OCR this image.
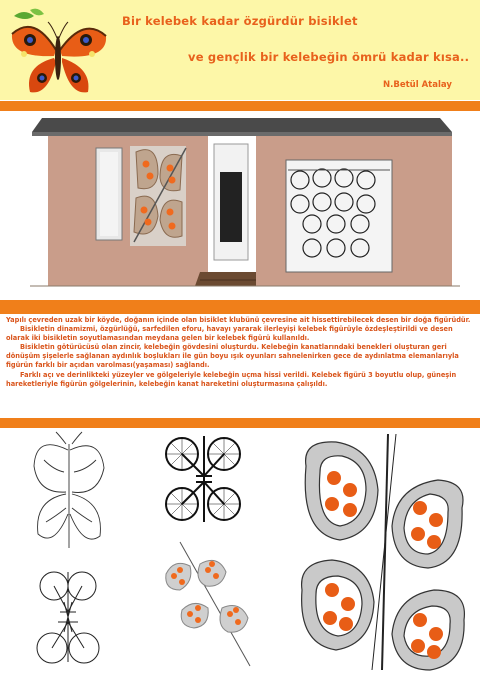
Bir kelebek kadar özgürdür bisiklet
ve gençlik bir kelebeğin ömrü kadar kısa..
N.Betül Atalay

Yapılı çevreden uzak bir köyde, doğanın içinde olan bisiklet klubünü çevresine ait hissettirebilecek desen bir doğa figürüdür.

Bisikletin dinamizmi, özgürlüğü, sarfedilen eforu, havayı yararak ilerleyişi kelebek figürüyle özdeşleştirildi ve desen olarak iki bisikletin soyutlamasından meydana gelen bir kelebek figürü kullanıldı.

Bisikletin götürücüsü olan zincir, kelebeğin gövdesini oluşturdu. Kelebeğin kanatlarındaki benekleri oluşturan geri dönüşüm şişelerle sağlanan aydınlık boşlukları ile gün boyu ışık oyunları sahnelenirken gece de aydınlatma elemanlarıyla figürün farklı bir açıdan varolması(yaşaması) sağlandı.

Farklı açı ve derinlikteki yüzeyler ve gölgeleriyle kelebeğin uçma hissi verildi. Kelebek figürü 3 boyutlu olup, güneşin hareketleriyle figürün gölgelerinin, kelebeğin kanat hareketini oluşturmasına çalışıldı.
